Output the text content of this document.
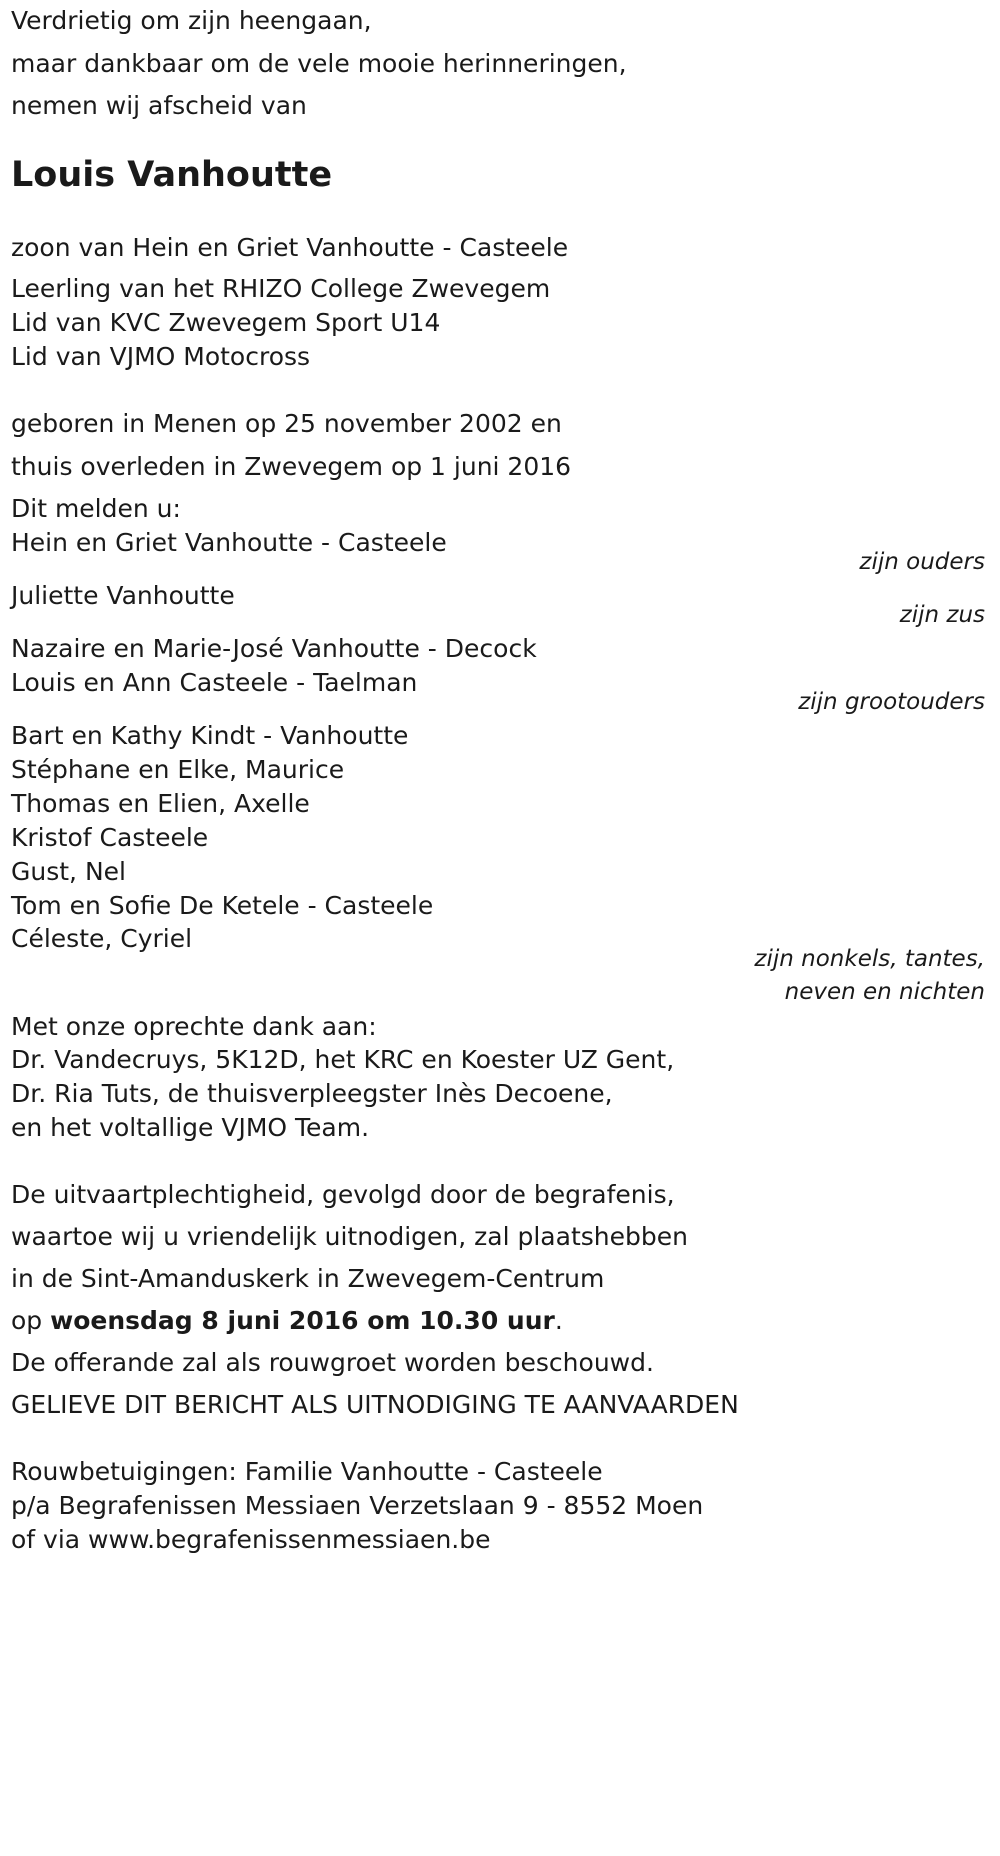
Verdrietig om zijn heengaan,

maar dankbaar om de vele mooie herinneringen,

nemen wij afscheid van

Louis Vanhoutte

zoon van Hein en Griet Vanhoutte - Casteele

Leerling van het RHIZO College Zwevegem

Lid van KVC Zwevegem Sport U14

Lid van VJMO Motocross

geboren in Menen op 25 november 2002 en

thuis overleden in Zwevegem op 1 juni 2016

Dit melden u:

Hein en Griet Vanhoutte - Casteele

zijn ouders

Juliette Vanhoutte

zijn zus

Nazaire en Marie-José Vanhoutte - Decock

Louis en Ann Casteele - Taelman

zijn grootouders

Bart en Kathy Kindt - Vanhoutte

Stéphane en Elke, Maurice

Thomas en Elien, Axelle

Kristof Casteele

Gust, Nel

Tom en Sofie De Ketele - Casteele

Céleste, Cyriel

zijn nonkels, tantes,

neven en nichten

Met onze oprechte dank aan:

Dr. Vandecruys, 5K12D, het KRC en Koester UZ Gent,

Dr. Ria Tuts, de thuisverpleegster Inès Decoene,

en het voltallige VJMO Team.

De uitvaartplechtigheid, gevolgd door de begrafenis,

waartoe wij u vriendelijk uitnodigen, zal plaatshebben

in de Sint-Amanduskerk in Zwevegem-Centrum

op woensdag 8 juni 2016 om 10.30 uur.

De offerande zal als rouwgroet worden beschouwd.

GELIEVE DIT BERICHT ALS UITNODIGING TE AANVAARDEN

Rouwbetuigingen: Familie Vanhoutte - Casteele

p/a Begrafenissen Messiaen Verzetslaan 9 - 8552 Moen

of via www.begrafenissenmessiaen.be
